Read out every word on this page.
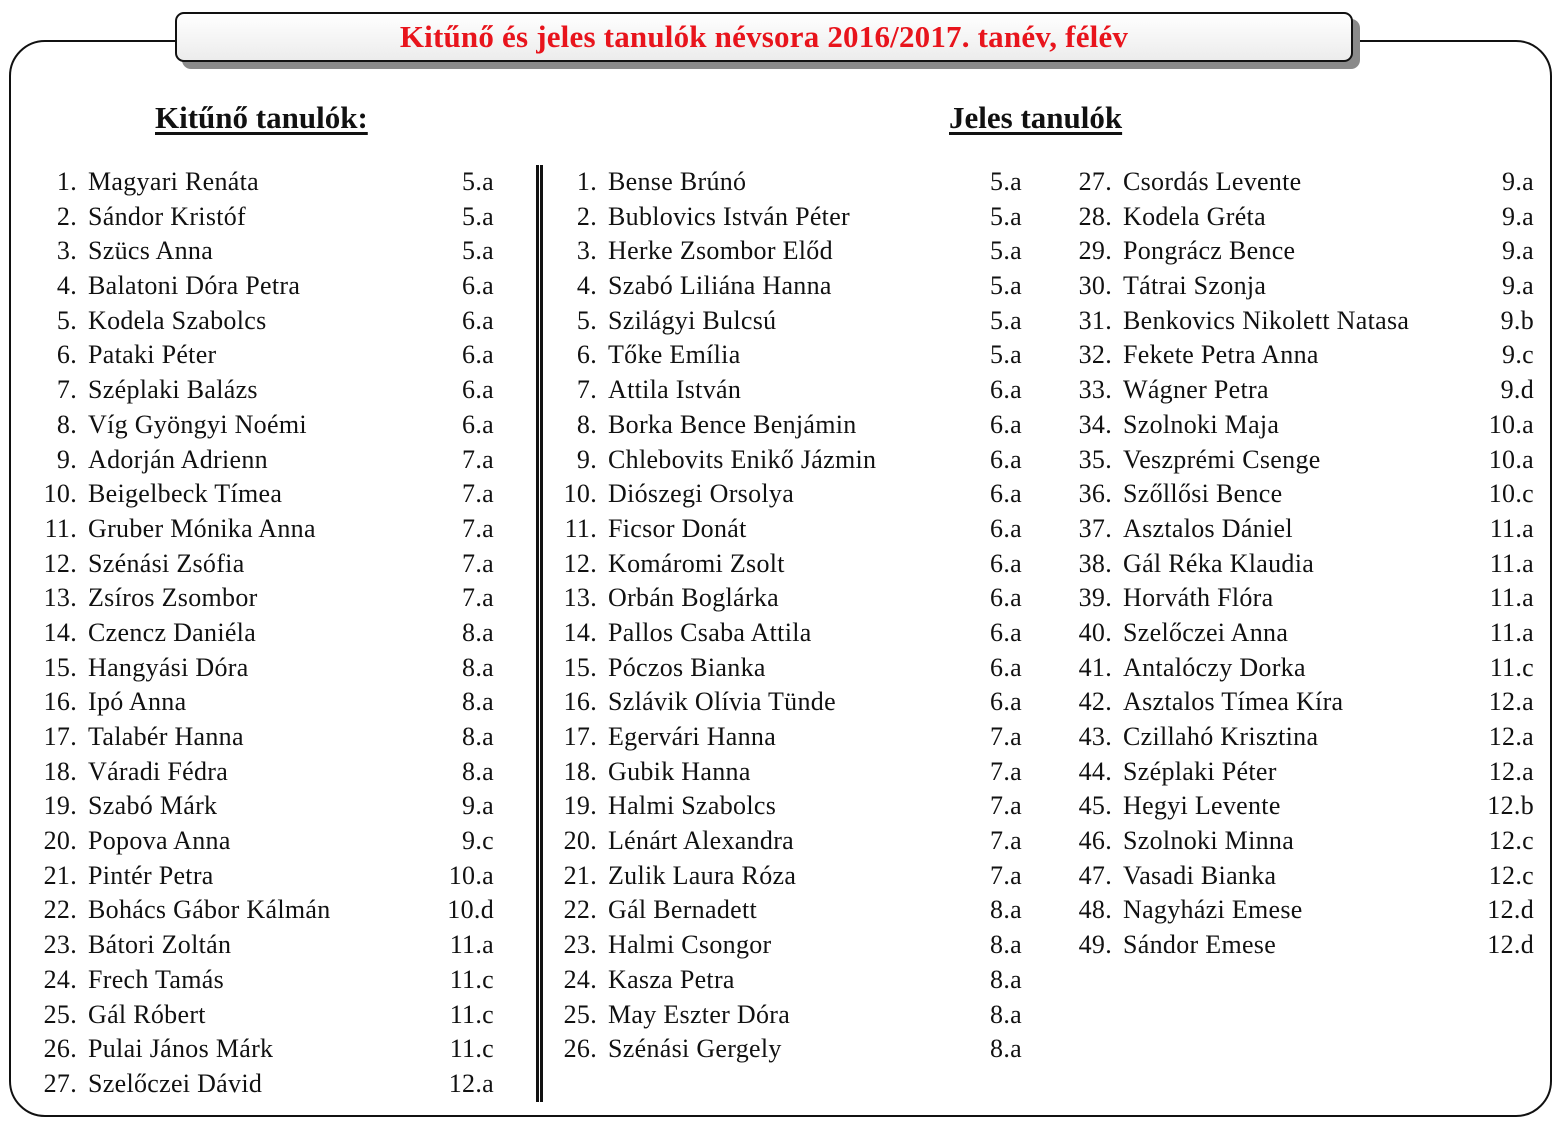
Kitűnő és jeles tanulók névsora 2016/2017. tanév, félév
Kitűnő tanulók:	Jeles tanulók
1. Magyari Renáta	5.a
2. Sándor Kristóf	5.a
3. Szücs Anna	5.a
4. Balatoni Dóra Petra	6.a
5. Kodela Szabolcs	6.a
6. Pataki Péter	6.a
7. Széplaki Balázs	6.a
8. Víg Gyöngyi Noémi	6.a
9. Adorján Adrienn	7.a
10. Beigelbeck Tímea	7.a
11. Gruber Mónika Anna	7.a
12. Szénási Zsófia	7.a
13. Zsíros Zsombor	7.a
14. Czencz Daniéla	8.a
15. Hangyási Dóra	8.a
16. Ipó Anna	8.a
17. Talabér Hanna	8.a
18. Váradi Fédra	8.a
19. Szabó Márk	9.a
20. Popova Anna	9.c
21. Pintér Petra	10.a
22. Bohács Gábor Kálmán	10.d
23. Bátori Zoltán	11.a
24. Frech Tamás	11.c
25. Gál Róbert	11.c
26. Pulai János Márk	11.c
27. Szelőczei Dávid	12.a
1. Bense Brúnó	5.a
2. Bublovics István Péter	5.a
3. Herke Zsombor Előd	5.a
4. Szabó Liliána Hanna	5.a
5. Szilágyi Bulcsú	5.a
6. Tőke Emília	5.a
7. Attila István	6.a
8. Borka Bence Benjámin	6.a
9. Chlebovits Enikő Jázmin	6.a
10. Diószegi Orsolya	6.a
11. Ficsor Donát	6.a
12. Komáromi Zsolt	6.a
13. Orbán Boglárka	6.a
14. Pallos Csaba Attila	6.a
15. Póczos Bianka	6.a
16. Szlávik Olívia Tünde	6.a
17. Egervári Hanna	7.a
18. Gubik Hanna	7.a
19. Halmi Szabolcs	7.a
20. Lénárt Alexandra	7.a
21. Zulik Laura Róza	7.a
22. Gál Bernadett	8.a
23. Halmi Csongor	8.a
24. Kasza Petra	8.a
25. May Eszter Dóra	8.a
26. Szénási Gergely	8.a
27. Csordás Levente	9.a
28. Kodela Gréta	9.a
29. Pongrácz Bence	9.a
30. Tátrai Szonja	9.a
31. Benkovics Nikolett Natasa	9.b
32. Fekete Petra Anna	9.c
33. Wágner Petra	9.d
34. Szolnoki Maja	10.a
35. Veszprémi Csenge	10.a
36. Szőllősi Bence	10.c
37. Asztalos Dániel	11.a
38. Gál Réka Klaudia	11.a
39. Horváth Flóra	11.a
40. Szelőczei Anna	11.a
41. Antalóczy Dorka	11.c
42. Asztalos Tímea Kíra	12.a
43. Czillahó Krisztina	12.a
44. Széplaki Péter	12.a
45. Hegyi Levente	12.b
46. Szolnoki Minna	12.c
47. Vasadi Bianka	12.c
48. Nagyházi Emese	12.d
49. Sándor Emese	12.d
